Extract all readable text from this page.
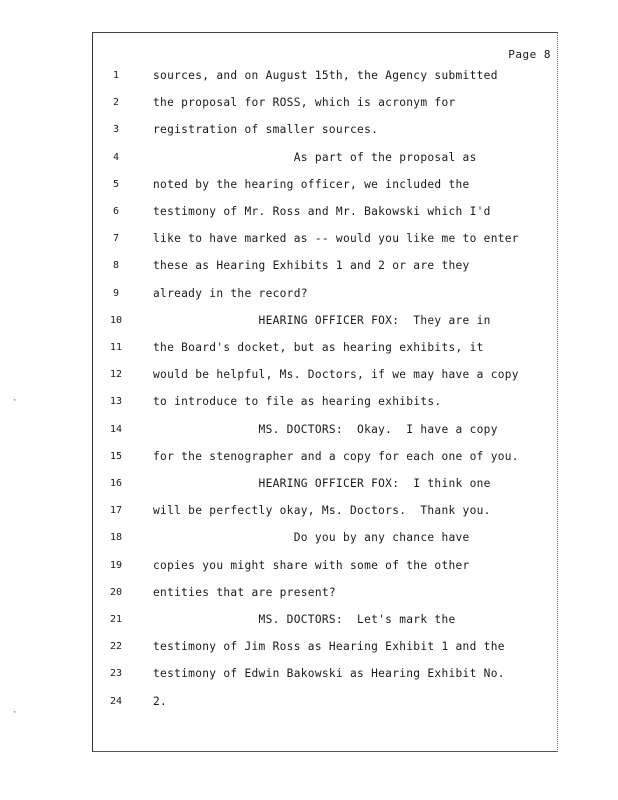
Page 8
1	sources, and on August 15th, the Agency submitted
2	the proposal for ROSS, which is acronym for
3	registration of smaller sources.
4	As part of the proposal as
5	noted by the hearing officer, we included the
6	testimony of Mr. Ross and Mr. Bakowski which I'd
7	like to have marked as -- would you like me to enter
8	these as Hearing Exhibits 1 and 2 or are they
9	already in the record?
10	HEARING OFFICER FOX:  They are in
11	the Board's docket, but as hearing exhibits, it
12	would be helpful, Ms. Doctors, if we may have a copy
13	to introduce to file as hearing exhibits.
14	MS. DOCTORS:  Okay.  I have a copy
15	for the stenographer and a copy for each one of you.
16	HEARING OFFICER FOX:  I think one
17	will be perfectly okay, Ms. Doctors.  Thank you.
18	Do you by any chance have
19	copies you might share with some of the other
20	entities that are present?
21	MS. DOCTORS:  Let's mark the
22	testimony of Jim Ross as Hearing Exhibit 1 and the
23	testimony of Edwin Bakowski as Hearing Exhibit No.
24	2.
·
·
